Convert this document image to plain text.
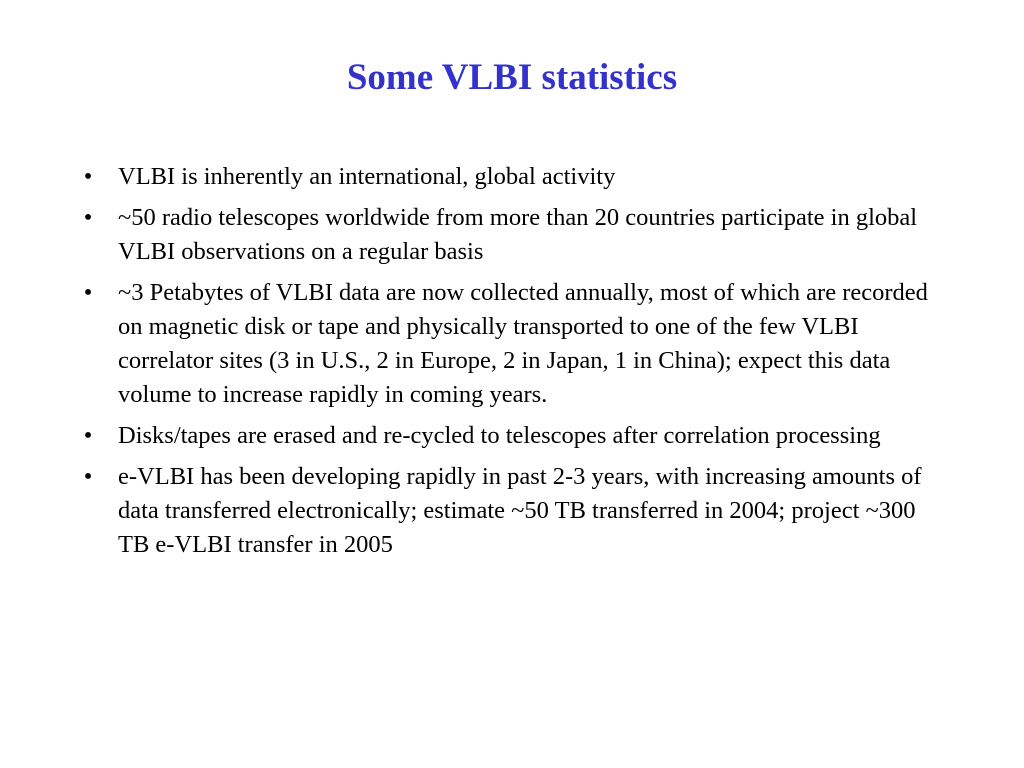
Some VLBI statistics
• VLBI is inherently an international, global activity
• ~50 radio telescopes worldwide from more than 20 countries participate in global VLBI observations on a regular basis
• ~3 Petabytes of VLBI data are now collected annually, most of which are recorded on magnetic disk or tape and physically transported to one of the few VLBI correlator sites (3 in U.S., 2 in Europe, 2 in Japan, 1 in China); expect this data volume to increase rapidly in coming years.
• Disks/tapes are erased and re-cycled to telescopes after correlation processing
• e-VLBI has been developing rapidly in past 2-3 years, with increasing amounts of data transferred electronically; estimate ~50 TB transferred in 2004; project ~300 TB e-VLBI transfer in 2005
